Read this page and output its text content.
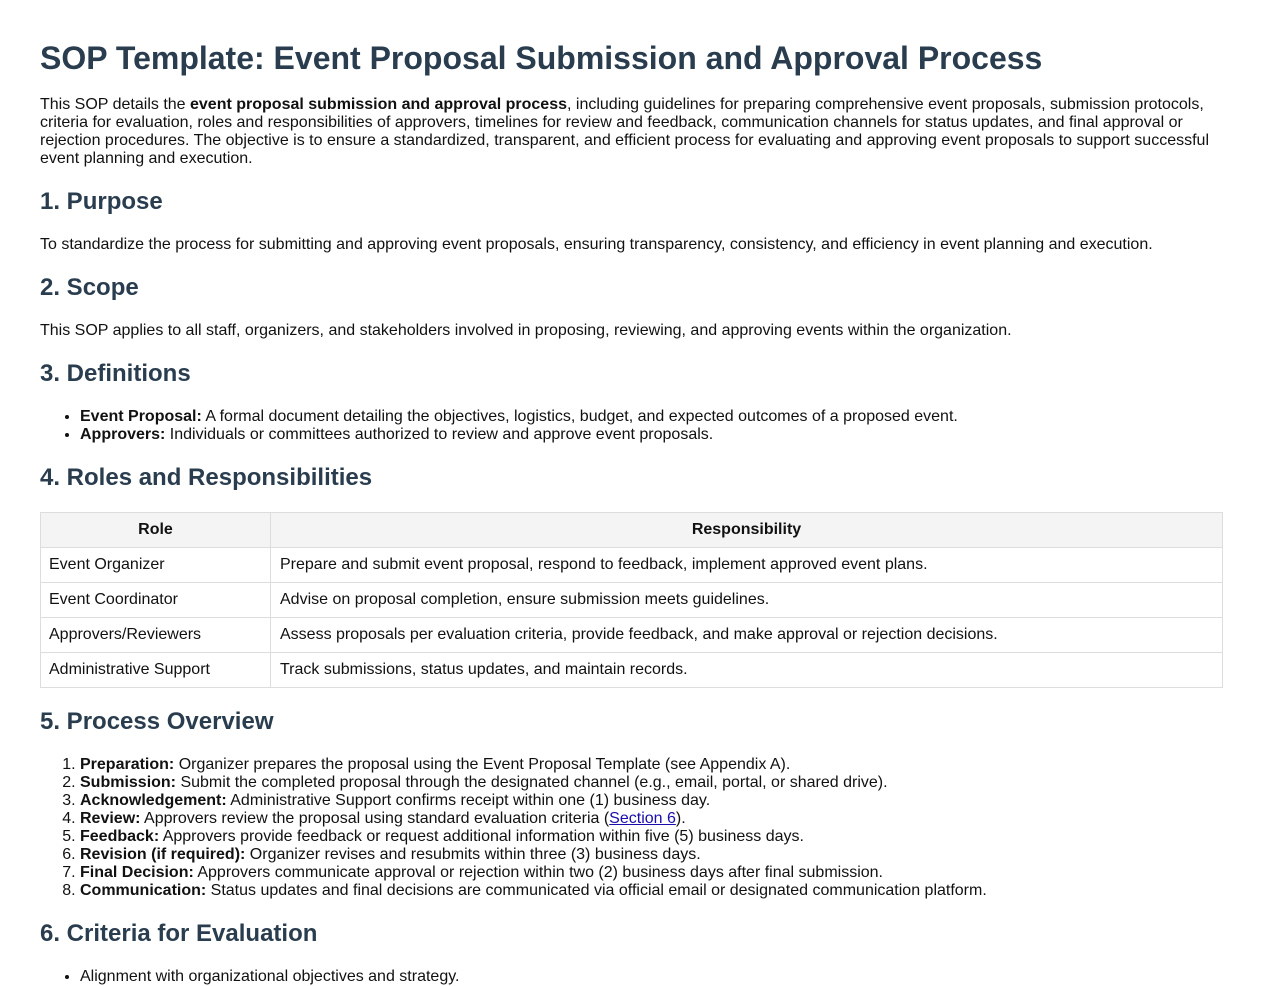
SOP Template: Event Proposal Submission and Approval Process

This SOP details the event proposal submission and approval process, including guidelines for preparing comprehensive event proposals, submission protocols, criteria for evaluation, roles and responsibilities of approvers, timelines for review and feedback, communication channels for status updates, and final approval or rejection procedures. The objective is to ensure a standardized, transparent, and efficient process for evaluating and approving event proposals to support successful event planning and execution.

1. Purpose

To standardize the process for submitting and approving event proposals, ensuring transparency, consistency, and efficiency in event planning and execution.

2. Scope

This SOP applies to all staff, organizers, and stakeholders involved in proposing, reviewing, and approving events within the organization.

3. Definitions
• Event Proposal: A formal document detailing the objectives, logistics, budget, and expected outcomes of a proposed event.
• Approvers: Individuals or committees authorized to review and approve event proposals.
4. Roles and Responsibilities
Role	Responsibility
Event Organizer	Prepare and submit event proposal, respond to feedback, implement approved event plans.
Event Coordinator	Advise on proposal completion, ensure submission meets guidelines.
Approvers/Reviewers	Assess proposals per evaluation criteria, provide feedback, and make approval or rejection decisions.
Administrative Support	Track submissions, status updates, and maintain records.
5. Process Overview
1. Preparation: Organizer prepares the proposal using the Event Proposal Template (see Appendix A).
2. Submission: Submit the completed proposal through the designated channel (e.g., email, portal, or shared drive).
3. Acknowledgement: Administrative Support confirms receipt within one (1) business day.
4. Review: Approvers review the proposal using standard evaluation criteria (Section 6).
5. Feedback: Approvers provide feedback or request additional information within five (5) business days.
6. Revision (if required): Organizer revises and resubmits within three (3) business days.
7. Final Decision: Approvers communicate approval or rejection within two (2) business days after final submission.
8. Communication: Status updates and final decisions are communicated via official email or designated communication platform.
6. Criteria for Evaluation
• Alignment with organizational objectives and strategy.
